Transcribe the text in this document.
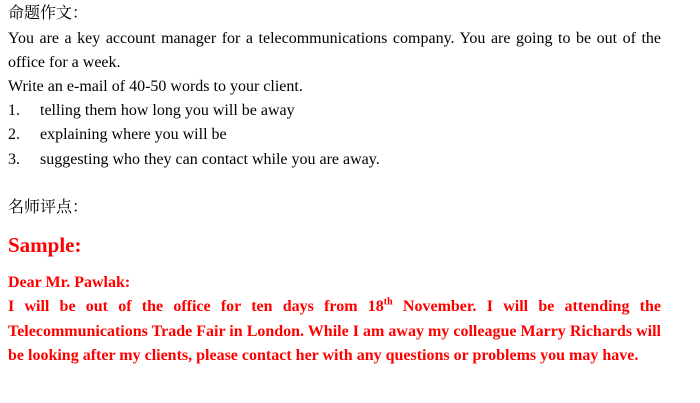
命题作文：
You are a key account manager for a telecommunications company. You are going to be out of the office for a week.
Write an e-mail of 40-50 words to your client.
1. telling them how long you will be away
2. explaining where you will be
3. suggesting who they can contact while you are away.
名师评点：
Sample:
Dear Mr. Pawlak:
I will be out of the office for ten days from 18th November. I will be attending the Telecommunications Trade Fair in London. While I am away my colleague Marry Richards will be looking after my clients, please contact her with any questions or problems you may have.
